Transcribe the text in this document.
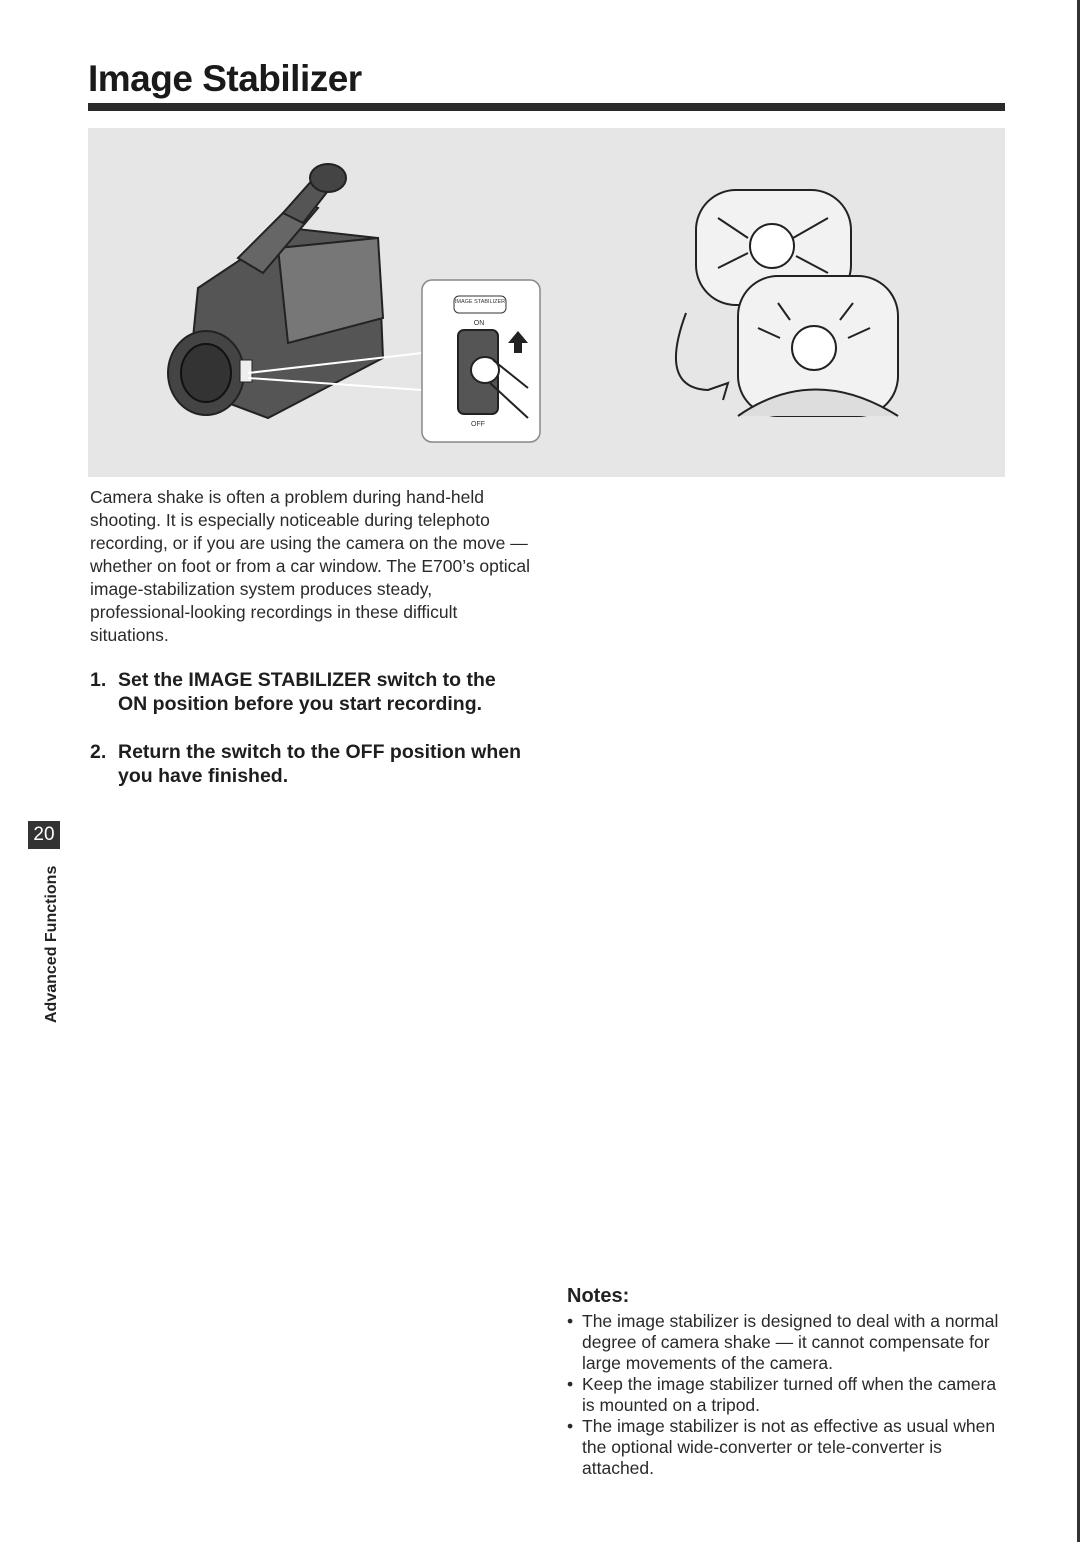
Image Stabilizer
IMAGE STABILIZER
ON
OFF
Camera shake is often a problem during hand-held shooting. It is especially noticeable during telephoto recording, or if you are using the camera on the move — whether on foot or from a car window. The E700’s optical image-stabilization system produces steady, professional-looking recordings in these difficult situations.
1. Set the IMAGE STABILIZER switch to the ON position before you start recording.
2. Return the switch to the OFF position when you have finished.
20
Advanced Functions
Notes:
• The image stabilizer is designed to deal with a normal degree of camera shake — it cannot compensate for large movements of the camera.
• Keep the image stabilizer turned off when the camera is mounted on a tripod.
• The image stabilizer is not as effective as usual when the optional wide-converter or tele-converter is attached.
